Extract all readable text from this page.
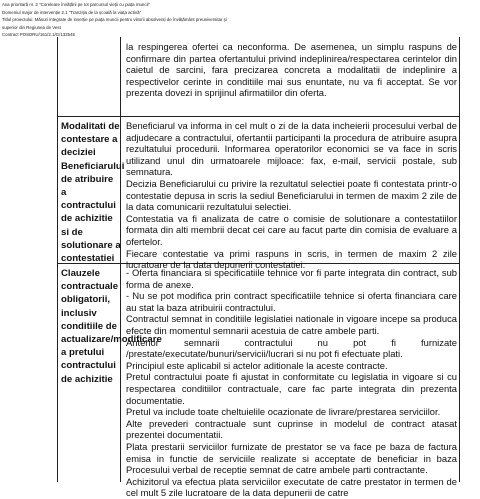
Axa prioritară nr. 2 "Coreleare învățării pe tot parcursul vieții cu piața muncii"
Domeniul major de intervenție 2.1 "Tranziția de la școală la viața activă"
Titlul proiectului: Măsuri integrate de inserție pe piața muncii pentru viitorii absolvenți de învățământ preuniversitar și
superior din Regiunea de Vest
Contract POSDRU/161/2.1/G/132545

la respingerea ofertei ca neconforma. De asemenea, un simplu raspuns de confirmare din partea ofertantului privind indeplinirea/respectarea cerintelor din caietul de sarcini, fara precizarea concreta a modalitatii de indeplinire a respectivelor cerinte in conditiile mai sus enuntate, nu va fi acceptat. Se vor prezenta dovezi in sprijinul afirmatiilor din oferta.

Modalitati de contestare a deciziei Beneficiarului de atribuire a contractului de achizitie si de solutionare a contestatiei

Beneficiarul va informa in cel mult o zi de la data incheierii procesului verbal de adjudecare a contractului, ofertantii participanti la procedura de atribuire asupra rezultatului procedurii. Informarea operatorilor economici se va face in scris utilizand unul din urmatoarele mijloace: fax, e-mail, servicii postale, sub semnatura.

Decizia Beneficiarului cu privire la rezultatul selectiei poate fi contestata printr-o contestatie depusa in scris la sediul Beneficiarului in termen de maxim 2 zile de la data comunicarii rezultatului selectiei.

Contestatia va fi analizata de catre o comisie de solutionare a contestatiilor formata din alti membrii decat cei care au facut parte din comisia de evaluare a ofertelor.

Fiecare contestatie va primi raspuns in scris, in termen de maxim 2 zile lucratoare de la data depunerii contestatiei.

Clauzele contractuale obligatorii, inclusiv conditiile de actualizare/modificare a pretului contractului de achizitie

- Oferta financiara si specificatiile tehnice vor fi parte integrata din contract, sub forma de anexe.

- Nu se pot modifica prin contract specificatiile tehnice si oferta financiara care au stat la baza atribuirii contractului.

Contractul semnat in conditiile legislatiei nationale in vigoare incepe sa produca efecte din momentul semnarii acestuia de catre ambele parti.

Anterior semnarii contractului nu pot fi furnizate /prestate/executate/bunuri/servicii/lucrari si nu pot fi efectuate plati.

Principiul este aplicabil si actelor aditionale la aceste contracte.

Pretul contractului poate fi ajustat in conformitate cu legislatia in vigoare si cu respectarea conditiilor contractuale, care fac parte integrata din prezenta documentatie.

Pretul va include toate cheltuielile ocazionate de livrare/prestarea serviciilor.

Alte prevederi contractuale sunt cuprinse in modelul de contract atasat prezentei documentatii.

Plata prestarii serviciilor furnizate de prestator se va face pe baza de factura emisa in functie de serviciile realizate si acceptate de beneficiar in baza Procesului verbal de receptie semnat de catre ambele parti contractante.

Achizitorul va efectua plata serviciilor executate de catre prestator in termen de cel mult 5 zile lucratoare de la data depunerii de catre
